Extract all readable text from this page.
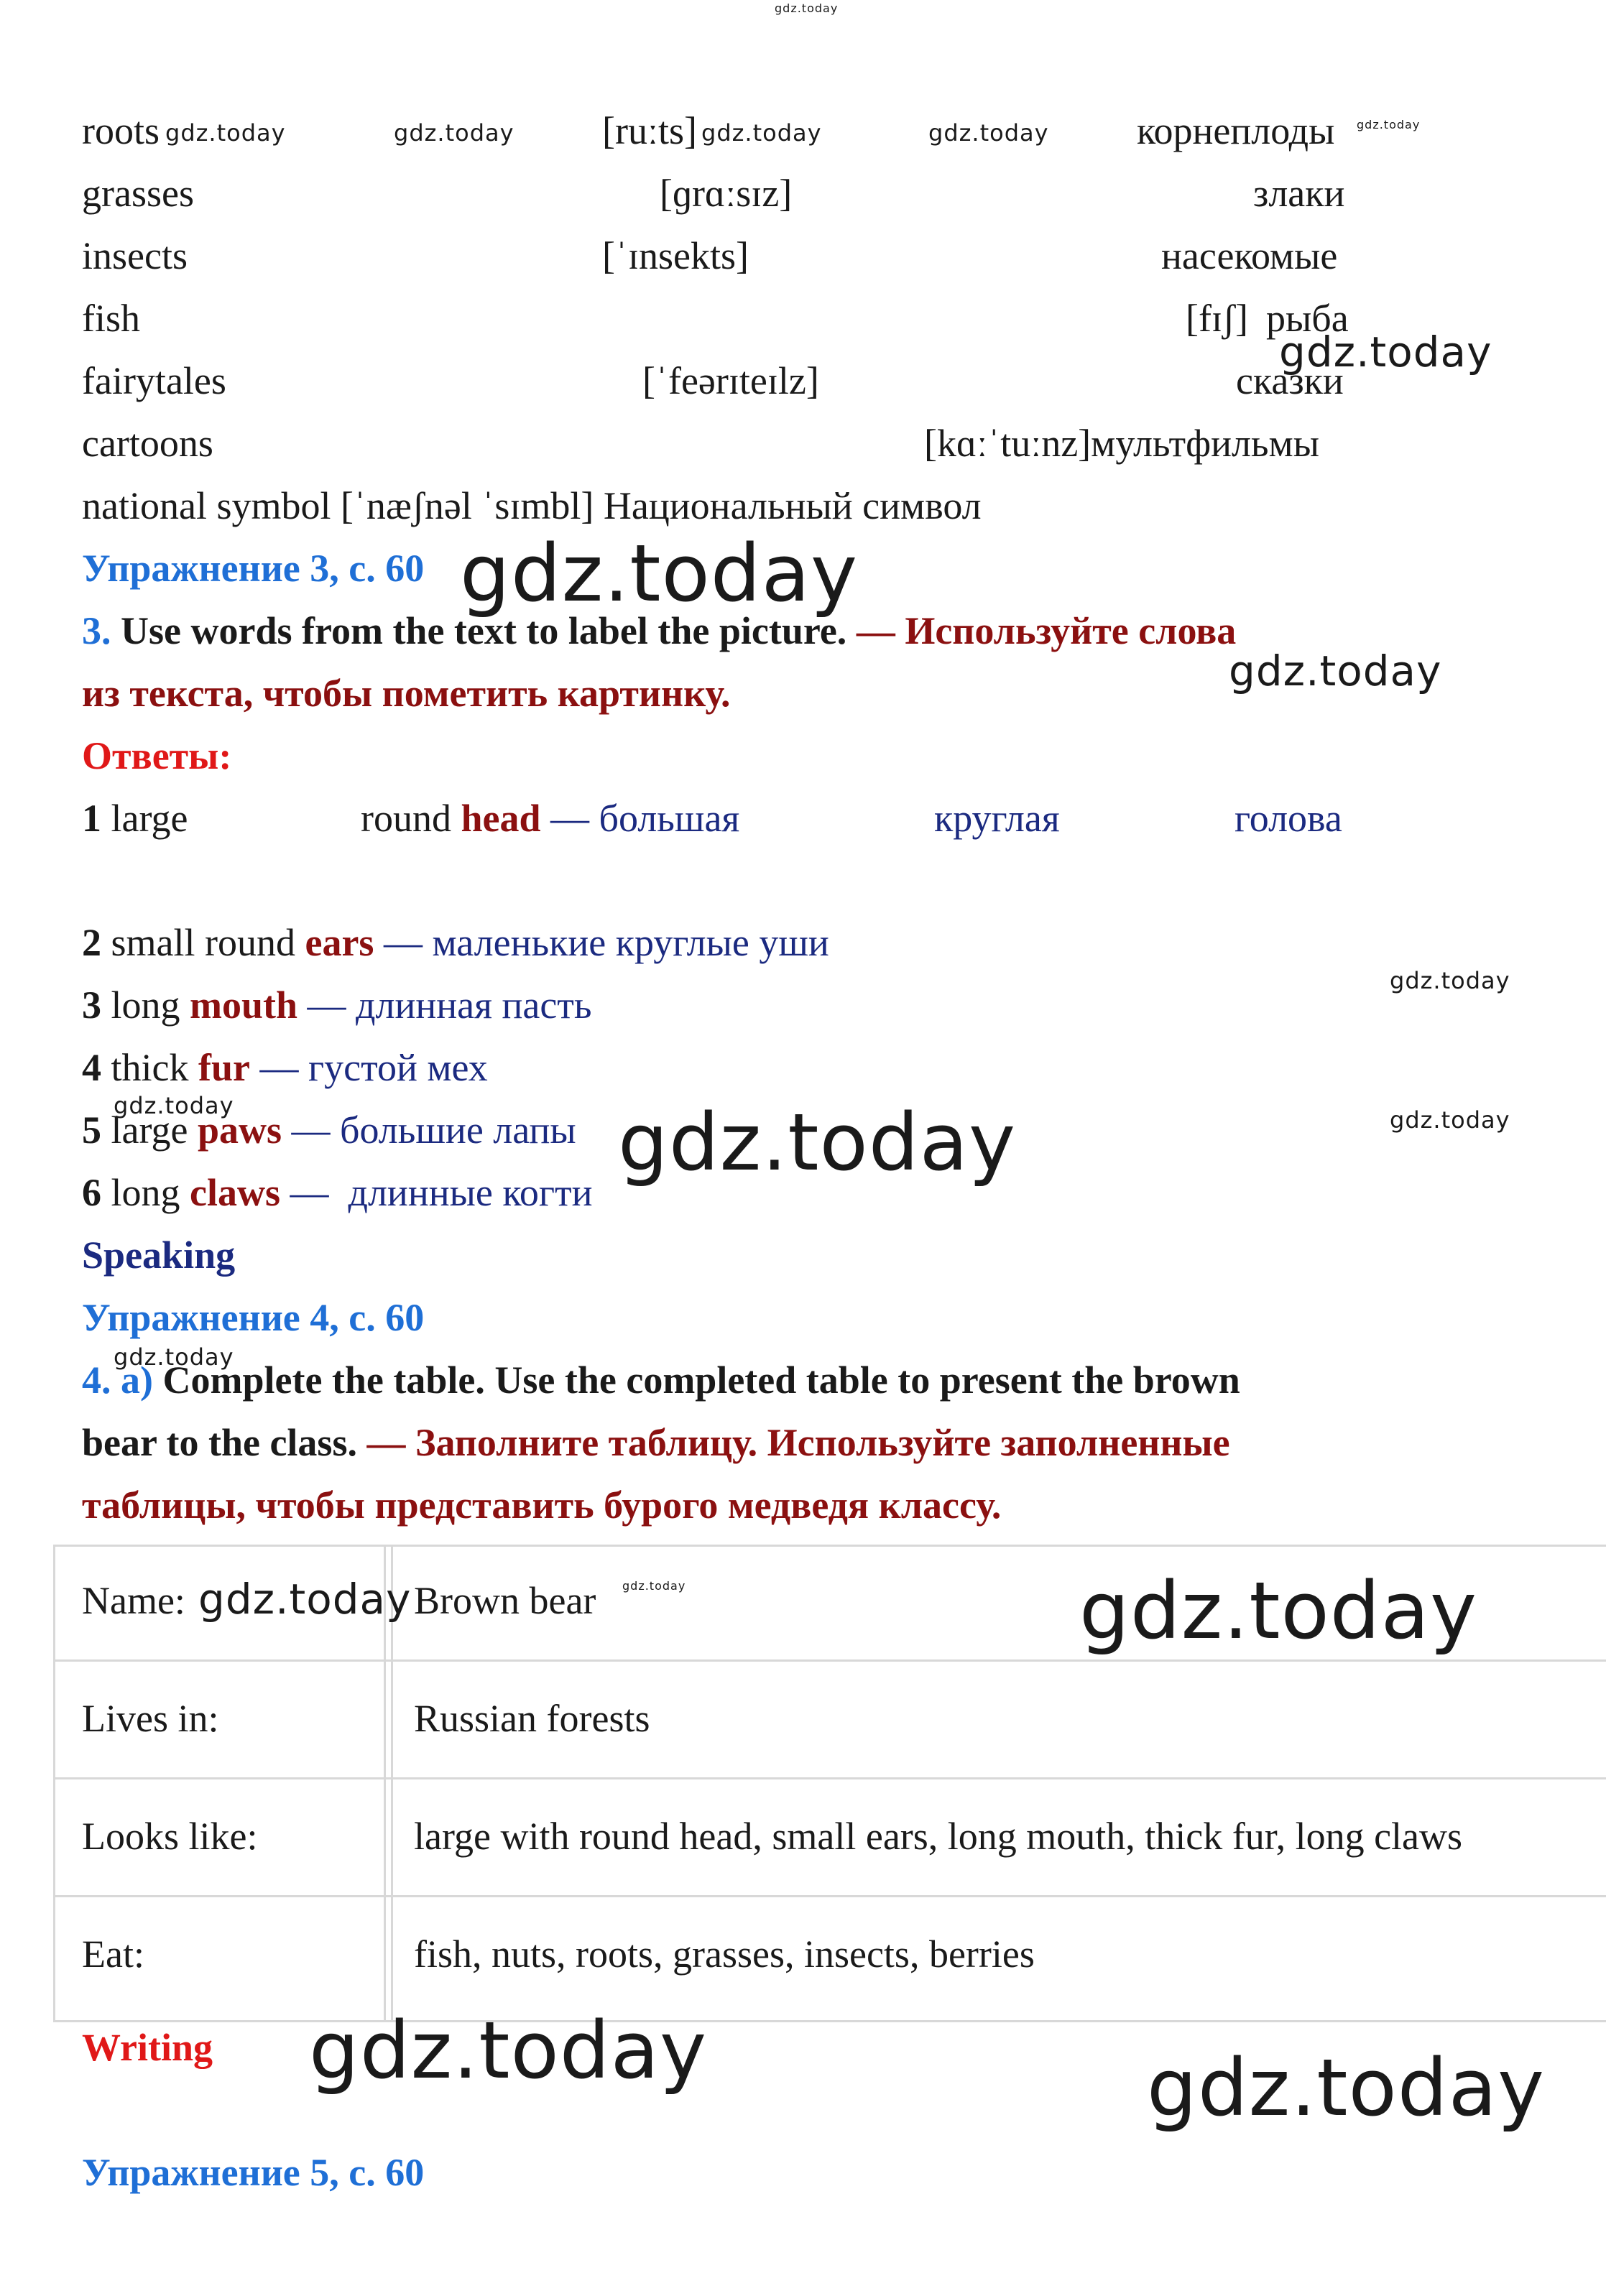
roots	[ruːts]	корнеплоды
grasses	[ɡrɑːsɪz]	злаки
insects	[ˈɪnsekts]	насекомые
fish	[fɪʃ] рыба
fairytales	[ˈfeərɪteɪlz]	сказки
cartoons	[kɑːˈtuːnz]мультфильмы
national symbol [ˈnæʃnəl ˈsɪmbl] Национальный символ
Упражнение 3, с. 60
3. Use words from the text to label the picture. — Используйте слова
из текста, чтобы пометить картинку.
Ответы:
1 large	round head — большая	круглая	голова
2 small round ears — маленькие круглые уши
3 long mouth — длинная пасть
4 thick fur — густой мех
5 large paws — большие лапы
6 long claws — длинные когти
Speaking
Упражнение 4, с. 60
4. a) Complete the table. Use the completed table to present the brown
bear to the class. — Заполните таблицу. Используйте заполненные
таблицы, чтобы представить бурого медведя классу.
Name:	Brown bear
Lives in:	Russian forests
Looks like:	large with round head, small ears, long mouth, thick fur, long claws
Eat:	fish, nuts, roots, grasses, insects, berries
Writing
Упражнение 5, с. 60
gdz.today
gdz.today	gdz.today	gdz.today	gdz.today	gdz.today
gdz.today
gdz.today
gdz.today
gdz.today
gdz.today
gdz.today
gdz.today
gdz.today
gdz.today	gdz.today	gdz.today
gdz.today	gdz.today
